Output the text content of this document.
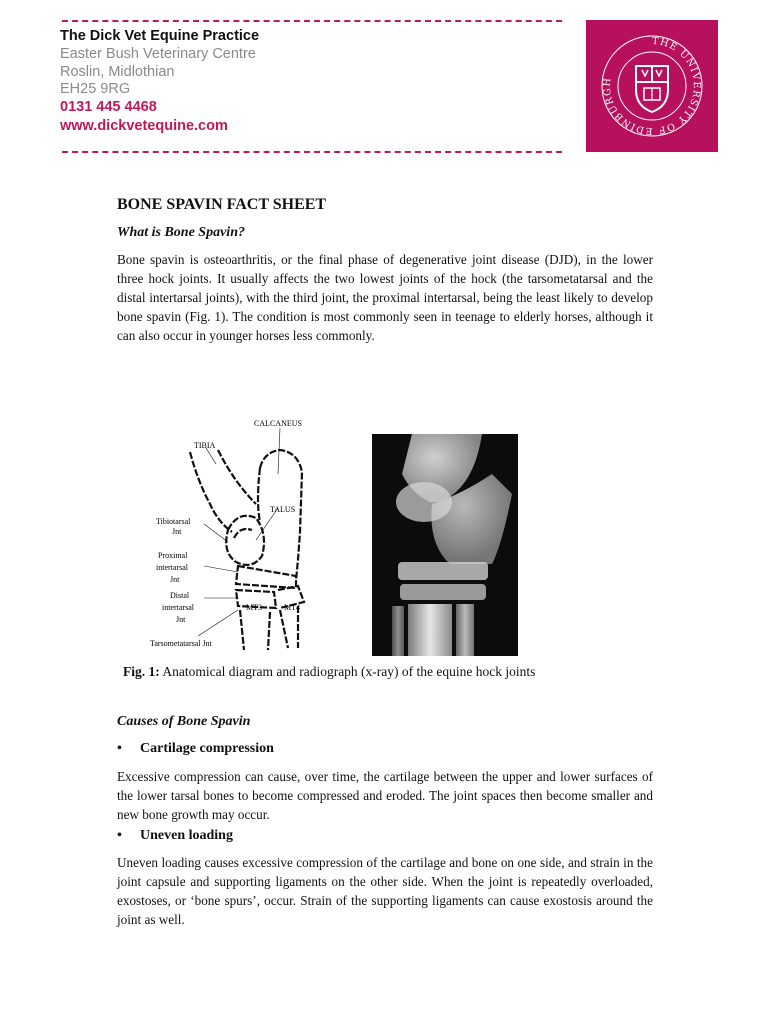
The Dick Vet Equine Practice
Easter Bush Veterinary Centre
Roslin, Midlothian
EH25 9RG
0131 445 4468
www.dickvetequine.com
THE UNIVERSITY OF EDINBURGH
BONE SPAVIN FACT SHEET
What is Bone Spavin?
Bone spavin is osteoarthritis, or the final phase of degenerative joint disease (DJD), in the lower three hock joints. It usually affects the two lowest joints of the hock (the tarsometatarsal and the distal intertarsal joints), with the third joint, the proximal intertarsal, being the least likely to develop bone spavin (Fig. 1). The condition is most commonly seen in teenage to elderly horses, although it can also occur in younger horses less commonly.
CALCANEUS
TIBIA
TALUS
Tibiotarsal
Jnt
Proximal
intertarsal
Jnt
Distal
intertarsal
Jnt
MT3	MT4
Tarsometatarsal Jnt
Fig. 1: Anatomical diagram and radiograph (x-ray) of the equine hock joints
Causes of Bone Spavin
• Cartilage compression
Excessive compression can cause, over time, the cartilage between the upper and lower surfaces of the lower tarsal bones to become compressed and eroded. The joint spaces then become smaller and new bone growth may occur.
• Uneven loading
Uneven loading causes excessive compression of the cartilage and bone on one side, and strain in the joint capsule and supporting ligaments on the other side. When the joint is repeatedly overloaded, exostoses, or ‘bone spurs’, occur. Strain of the supporting ligaments can cause exostosis around the joint as well.
